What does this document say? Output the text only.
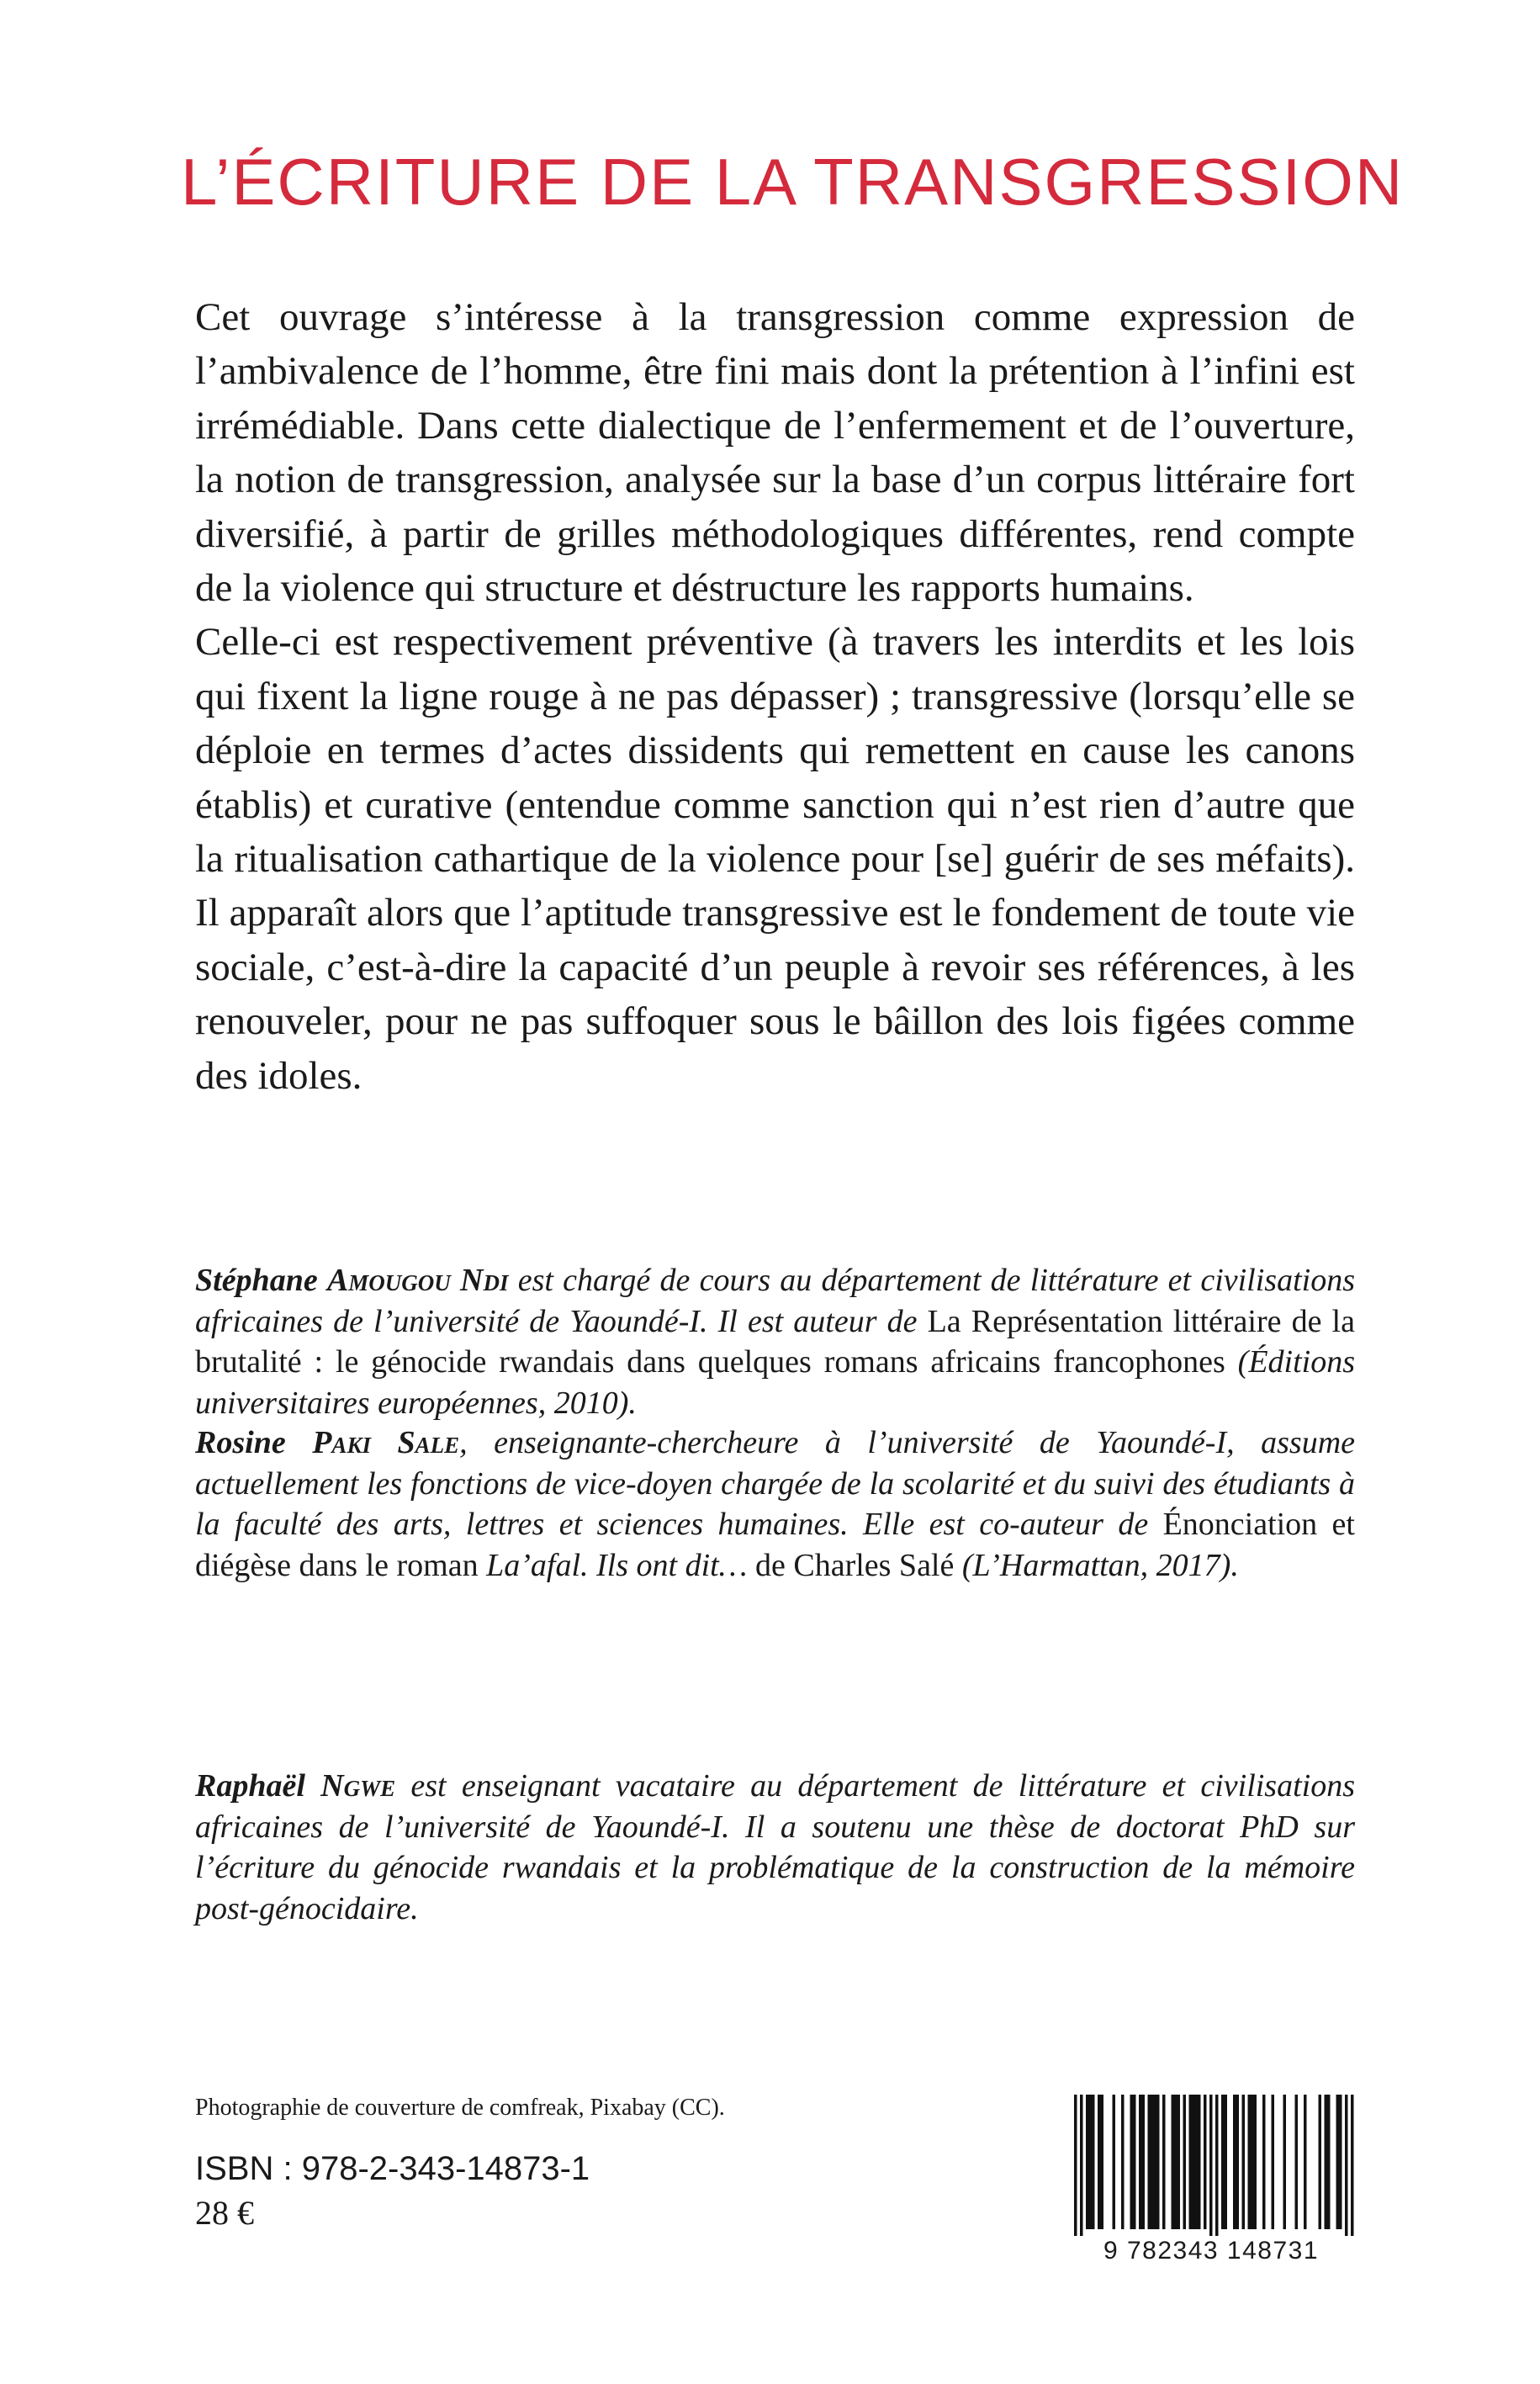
L’ÉCRITURE DE LA TRANSGRESSION

Cet ouvrage s’intéresse à la transgression comme expression de l’ambivalence de l’homme, être fini mais dont la prétention à l’infini est irrémédiable. Dans cette dialectique de l’enfermement et de l’ouverture, la notion de transgression, analysée sur la base d’un corpus littéraire fort diversifié, à partir de grilles méthodologiques différentes, rend compte de la violence qui structure et déstructure les rapports humains.

Celle-ci est respectivement préventive (à travers les interdits et les lois qui fixent la ligne rouge à ne pas dépasser) ; transgressive (lorsqu’elle se déploie en termes d’actes dissidents qui remettent en cause les canons établis) et curative (entendue comme sanction qui n’est rien d’autre que la ritualisation cathartique de la violence pour [se] guérir de ses méfaits). Il apparaît alors que l’aptitude transgressive est le fondement de toute vie sociale, c’est-à-dire la capacité d’un peuple à revoir ses références, à les renouveler, pour ne pas suffoquer sous le bâillon des lois figées comme des idoles.

Stéphane Amougou Ndi est chargé de cours au département de littérature et civilisations africaines de l’université de Yaoundé-I. Il est auteur de La Représentation littéraire de la brutalité : le génocide rwandais dans quelques romans africains francophones (Éditions universitaires européennes, 2010).
Rosine Paki Sale, enseignante-chercheure à l’université de Yaoundé-I, assume actuellement les fonctions de vice-doyen chargée de la scolarité et du suivi des étudiants à la faculté des arts, lettres et sciences humaines. Elle est co-auteur de Énonciation et diégèse dans le roman La’afal. Ils ont dit… de Charles Salé (L’Harmattan, 2017).
Raphaël Ngwe est enseignant vacataire au département de littérature et civilisations africaines de l’université de Yaoundé-I. Il a soutenu une thèse de doctorat PhD sur l’écriture du génocide rwandais et la problématique de la construction de la mémoire post-génocidaire.
Photographie de couverture de comfreak, Pixabay (CC).
ISBN : 978-2-343-14873-1
28 €
9 782343 148731
